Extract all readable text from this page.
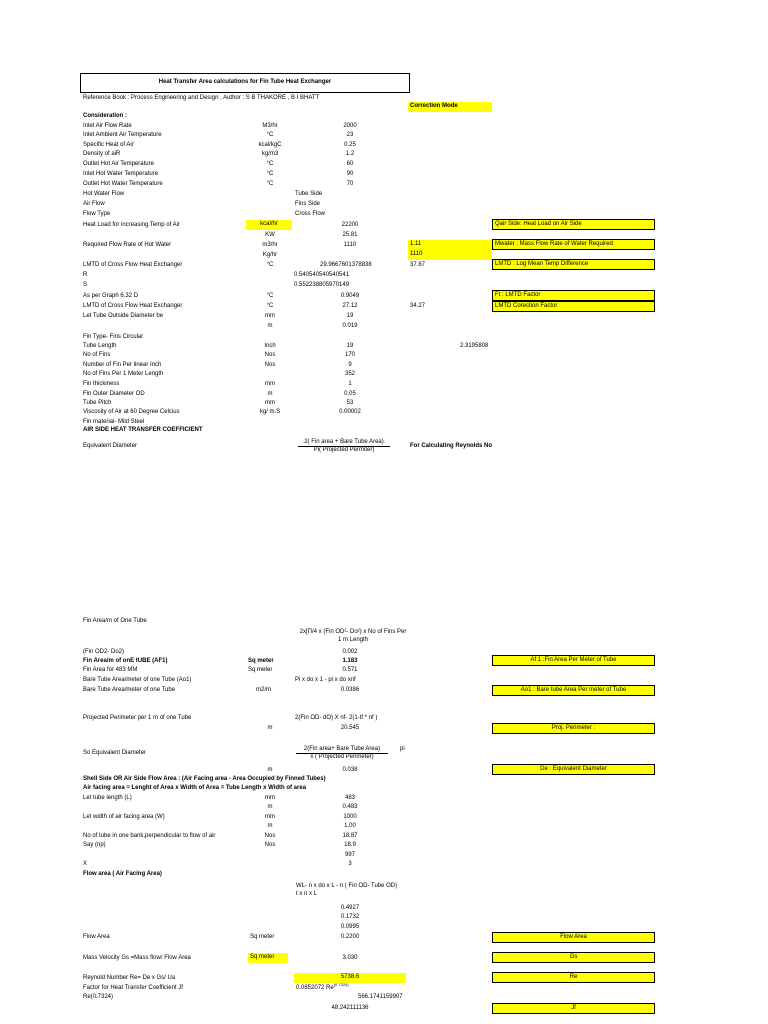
Heat Transfer Area calculations for Fin Tube Heat Exchanger
Reference Book : Process Engineering and Design , Author : S B THAKORE , B I BHATT
Correction Mode
Consideration :
Inlet Air Flow Rate	M3/hr	2000
Inlet Ambient Air Temperature	°C	23
Specific Heat of Air	kcal/kgC	0.25
Density of aiR	kg/m3	1.2
Outlet Hot Air Temperature	°C	60
Inlet Hot Water Temperature	°C	90
Outlet Hot Water Temperature	°C	70
Hot Water Flow	Tube Side
Air Flow	Fins Side
Flow Type	Cross Flow
Heat Load for increasing Temp of Air	kcal/hr	22200	Qair Side: Heat Load on Air Side
KW	25.81
Required Flow Rate of Hot Water	m3/hr	1110	1.11	Mwater : Mass Flow Rate of Water Required
Kg/hr	1110
LMTD of Cross Flow Heat Exchanger	°C	29.9667601378838	37.87	LMTD : Log Mean Temp Difference
R	0.540540540540541
S	0.552238805970149
As per Graph 6.32 D	°C	0.9049	Ft : LMTD Factor
LMTD of Cross Flow Heat Exchanger	°C	27.12	34.27	LMTD Corection Factor
Let Tube Outside Diameter be	mm	19
m	0.019
Fin Type- Fins Circular
Tube Length	Inch	19	2.3195808
No of Fins	Nos	170
Number of Fin Per linear Inch	Nos	9
No of Fins Per 1 Meter Length	352
Fin thickiness	mm	1
Fin Outer Diameter OD	m	0.05
Tube Pitch	mm	53
Viscosity of Air at 60 Degree Celcius	kg/ m.S	0.00002
Fin material- Mild Steel
AIR SIDE HEAT TRANSFER COEFFICIENT
Equivalent Diameter
2( Fin area + Bare Tube Area)
Pi( Projected Permiter)
For Calculating Reynolds No
Fin Area/m of One Tube
2x[Π/4 x (Fin OD²- Do²) x No of Fins Per
1 m Length
(Fin OD2- Do2)	0.002
Fin Area/m of onE tUBE (AF1)	Sq meter	1.183	Af 1 :Fin Area Per Meter of Tube
Fin Area for 483 MM	Sq meter	0.571
Bare Tube Area/meter of one Tube (Ao1)	Pi x do x 1 - pi x do xnf
Bare Tube Area/meter of one Tube	m2/m	0.0386	Ao1 : Bare tube Area Per meter of Tube
Projected Perimeter per 1 m of one Tube	2(Fin OD- dO) X nf- 2(1-tf * nf )
m	20.545	Proj. Perimeter :
So Equivalent Diameter
2(Fin area+ Bare Tube Area)
x ( Projected Perimeter)
pi
m	0.038	De : Equivalent Diameter
Shell Side OR Air Side Flow Area : (Air Facing area - Area Occupied by Finned Tubes)
Air facing area = Lenght of Area x Width of Area = Tube Length x Width of area
Let tube length (L)	mm	483
m	0.483
Let width of air facing area (W)	mm	1000
m	1.00
No of tube in one bank,perpendicular to flow of air	Nos	18.87
Say (np)	Nos	18.9
997
X	3
Flow area ( Air Facing Area)
WL- n x do x L - n ( Fin OD- Tube OD)
t x n x L
0.4927
0.1732
0.0995
Flow Area	Sq meter	0.2200	Flow Area
Mass Velocity Gs =Mass flow/ Flow Area	Sq meter	3.030	Gs
Reynold Number Re= De x Gs/ Ua	5738.6	Re
Factor for Heat Transfer Coefficient Jf	0.0852072 $Re^{(0.7324)}$
Re(0.7324)	566.1741159907
48.242111136	Jf
